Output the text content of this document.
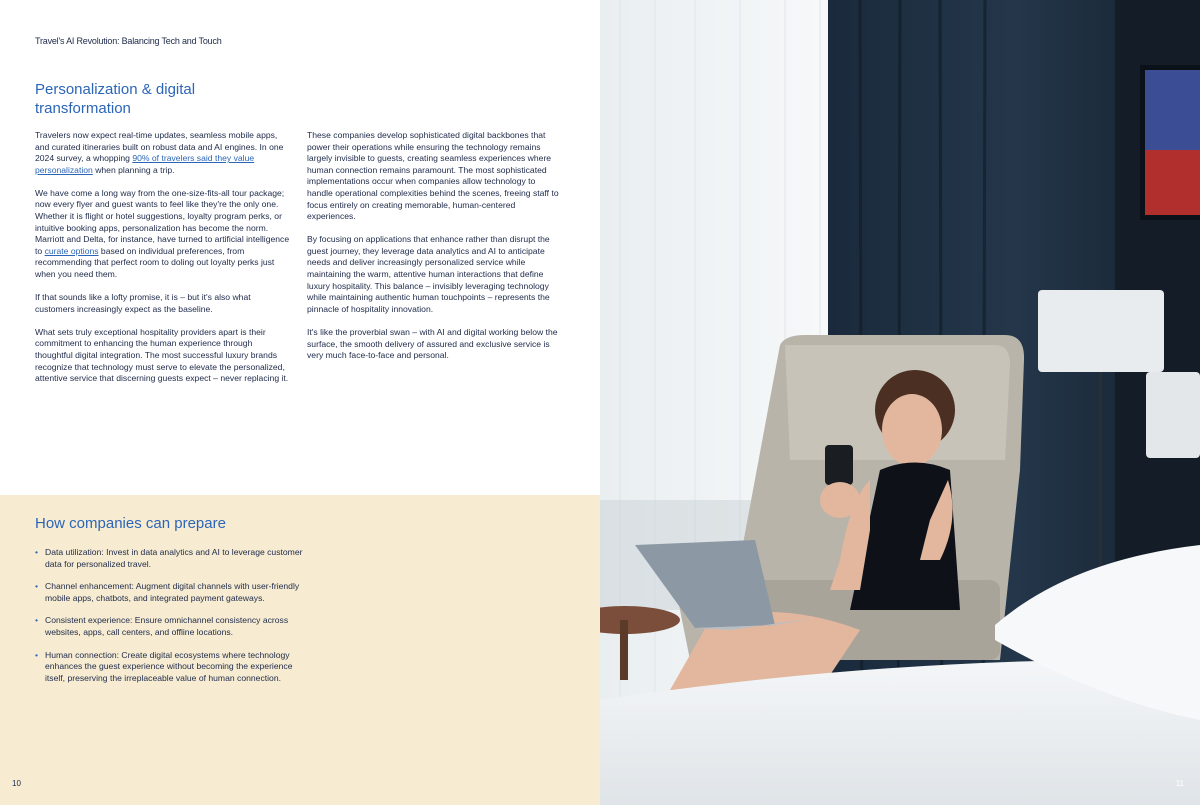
Travel's AI Revolution: Balancing Tech and Touch
Personalization & digital transformation

Travelers now expect real-time updates, seamless mobile apps, and curated itineraries built on robust data and AI engines. In one 2024 survey, a whopping 90% of travelers said they value personalization when planning a trip.

We have come a long way from the one-size-fits-all tour package; now every flyer and guest wants to feel like they're the only one. Whether it is flight or hotel suggestions, loyalty program perks, or intuitive booking apps, personalization has become the norm. Marriott and Delta, for instance, have turned to artificial intelligence to curate options based on individual preferences, from recommending that perfect room to doling out loyalty perks just when you need them.

If that sounds like a lofty promise, it is – but it's also what customers increasingly expect as the baseline.

What sets truly exceptional hospitality providers apart is their commitment to enhancing the human experience through thoughtful digital integration. The most successful luxury brands recognize that technology must serve to elevate the personalized, attentive service that discerning guests expect – never replacing it.

These companies develop sophisticated digital backbones that power their operations while ensuring the technology remains largely invisible to guests, creating seamless experiences where human connection remains paramount. The most sophisticated implementations occur when companies allow technology to handle operational complexities behind the scenes, freeing staff to focus entirely on creating memorable, human-centered experiences.

By focusing on applications that enhance rather than disrupt the guest journey, they leverage data analytics and AI to anticipate needs and deliver increasingly personalized service while maintaining the warm, attentive human interactions that define luxury hospitality. This balance – invisibly leveraging technology while maintaining authentic human touchpoints – represents the pinnacle of hospitality innovation.

It's like the proverbial swan – with AI and digital working below the surface, the smooth delivery of assured and exclusive service is very much face-to-face and personal.

How companies can prepare
• Data utilization: Invest in data analytics and AI to leverage customer data for personalized travel.
• Channel enhancement: Augment digital channels with user-friendly mobile apps, chatbots, and integrated payment gateways.
• Consistent experience: Ensure omnichannel consistency across websites, apps, call centers, and offline locations.
• Human connection: Create digital ecosystems where technology enhances the guest experience without becoming the experience itself, preserving the irreplaceable value of human connection.
10	11
